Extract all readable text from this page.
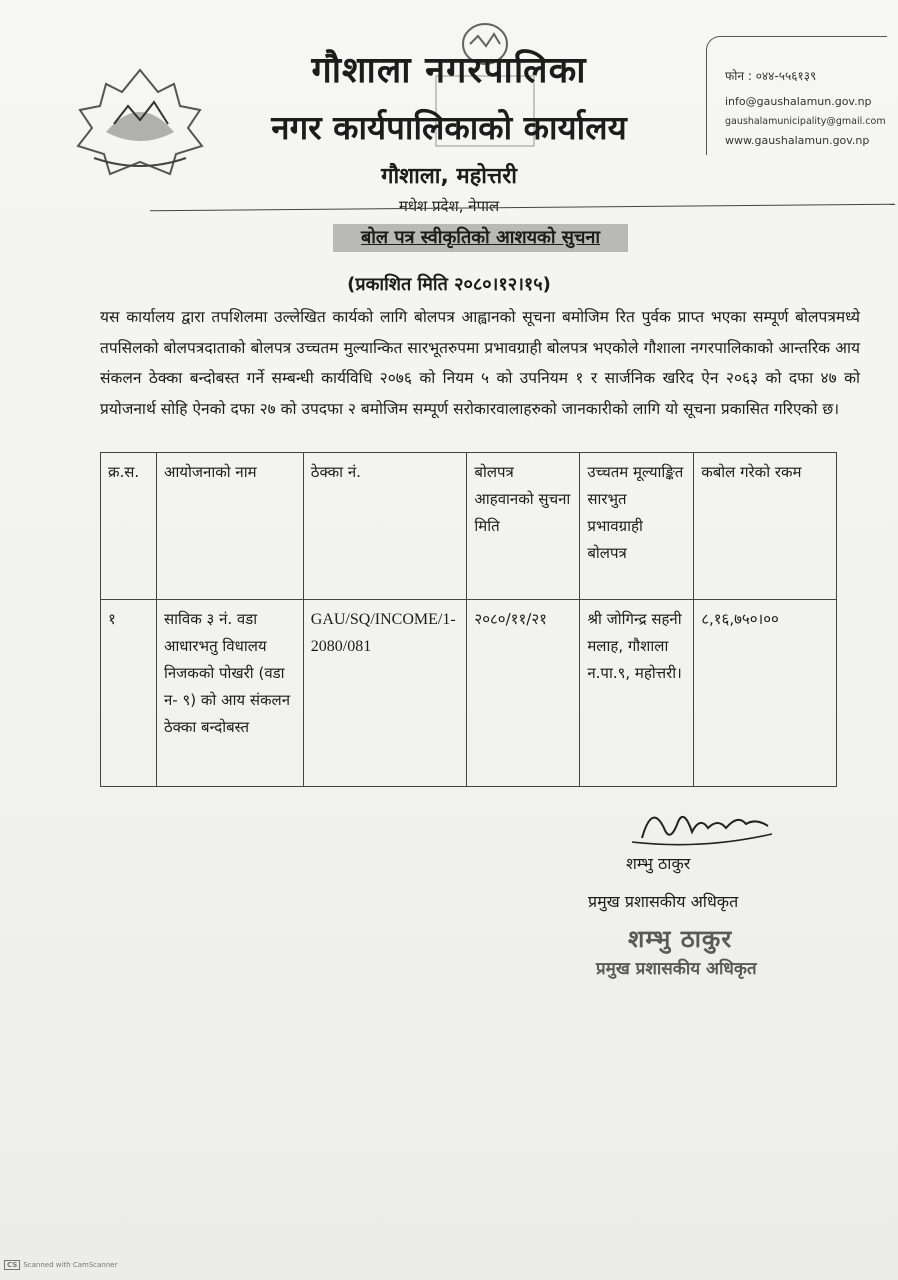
गौशाला नगरपालिका
नगर कार्यपालिकाको कार्यालय
गौशाला, महोत्तरी
मधेश प्रदेश, नेपाल
फोन : ०४४-५५६१३९
info@gaushalamun.gov.np
gaushalamunicipality@gmail.com
www.gaushalamun.gov.np
बोल पत्र स्वीकृतिको आशयको सुचना
(प्रकाशित मिति २०८०।१२।१५)
यस कार्यालय द्वारा तपशिलमा उल्लेखित कार्यको लागि बोलपत्र आह्वानको सूचना बमोजिम रित पुर्वक प्राप्त भएका सम्पूर्ण बोलपत्रमध्ये तपसिलको बोलपत्रदाताको बोलपत्र उच्चतम मुल्यान्कित सारभूतरुपमा प्रभावग्राही बोलपत्र भएकोले गौशाला नगरपालिकाको आन्तरिक आय संकलन ठेक्का बन्दोबस्त गर्ने सम्बन्धी कार्यविधि २०७६ को नियम ५ को उपनियम १ र सार्जनिक खरिद ऐन २०६३ को दफा ४७ को प्रयोजनार्थ सोहि ऐनको दफा २७ को उपदफा २ बमोजिम सम्पूर्ण सरोकारवालाहरुको जानकारीको लागि यो सूचना प्रकासित गरिएको छ।
क्र.स.	आयोजनाको नाम	ठेक्का नं.	बोलपत्र आहवानको सुचना मिति	उच्चतम मूल्याङ्कित सारभुत प्रभावग्राही बोलपत्र	कबोल गरेको रकम
१	साविक ३ नं. वडा आधारभतु विधालय निजकको पोखरी (वडा न- ९) को आय संकलन ठेक्का बन्दोबस्त	GAU/SQ/INCOME/1-2080/081	२०८०/११/२१	श्री जोगिन्द्र सहनी मलाह, गौशाला न.पा.९, महोत्तरी।	८,१६,७५०।००
शम्भु ठाकुर
प्रमुख प्रशासकीय अधिकृत
शम्भु ठाकुर
प्रमुख प्रशासकीय अधिकृत
CS Scanned with CamScanner
